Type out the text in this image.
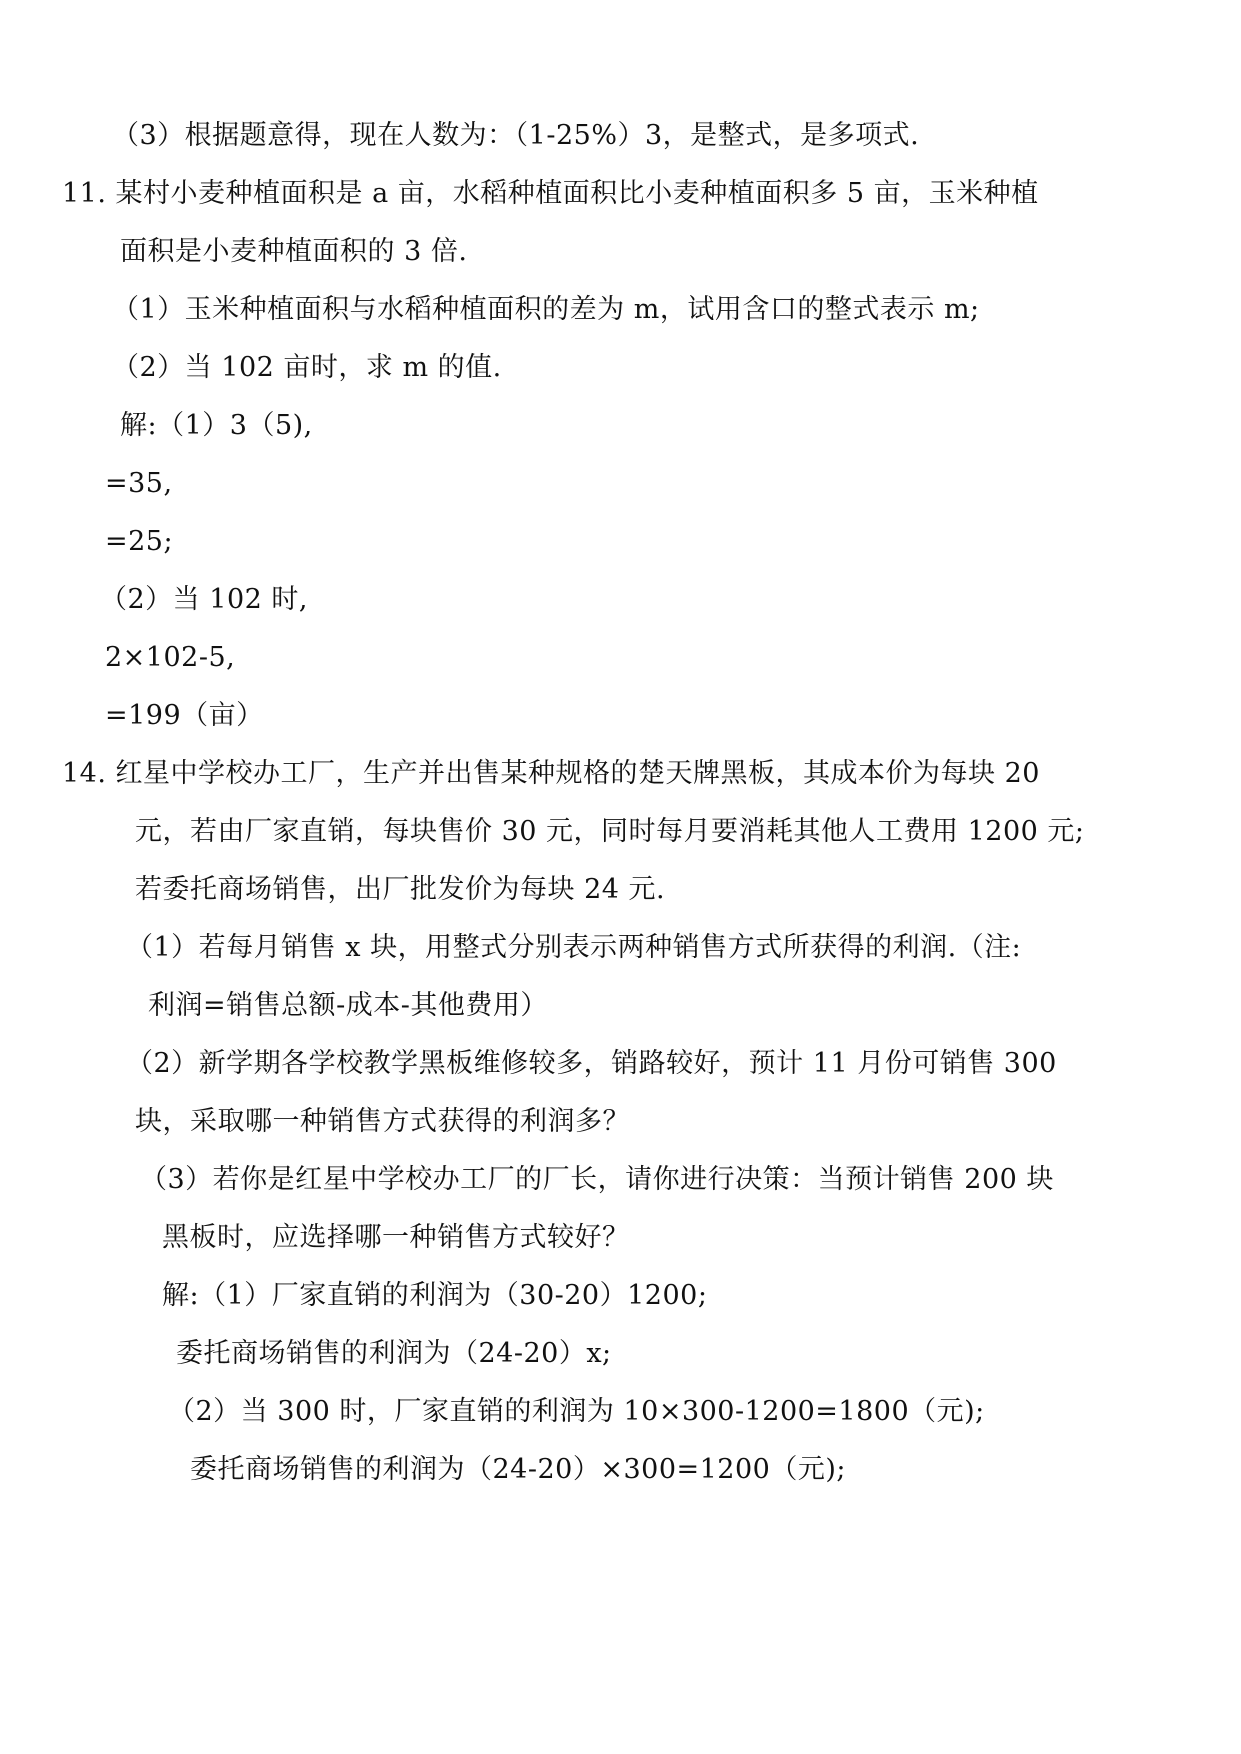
（3）根据题意得，现在人数为：（1-25%）3，是整式，是多项式.
11. 某村小麦种植面积是 a 亩，水稻种植面积比小麦种植面积多 5 亩，玉米种植
面积是小麦种植面积的 3 倍.
（1）玉米种植面积与水稻种植面积的差为 m，试用含口的整式表示 m;
（2）当 102 亩时，求 m 的值.
解:（1）3（5),
=35,
=25;
（2）当 102 时,
2×102-5,
=199（亩）
14. 红星中学校办工厂，生产并出售某种规格的楚天牌黑板，其成本价为每块 20
元，若由厂家直销，每块售价 30 元，同时每月要消耗其他人工费用 1200 元;
若委托商场销售，出厂批发价为每块 24 元.
（1）若每月销售 x 块，用整式分别表示两种销售方式所获得的利润.（注:
利润=销售总额-成本-其他费用）
（2）新学期各学校教学黑板维修较多，销路较好，预计 11 月份可销售 300
块，采取哪一种销售方式获得的利润多？
（3）若你是红星中学校办工厂的厂长，请你进行决策：当预计销售 200 块
黑板时，应选择哪一种销售方式较好？
解:（1）厂家直销的利润为（30-20）1200;
委托商场销售的利润为（24-20）x;
（2）当 300 时，厂家直销的利润为 10×300-1200=1800（元);
委托商场销售的利润为（24-20）×300=1200（元);
